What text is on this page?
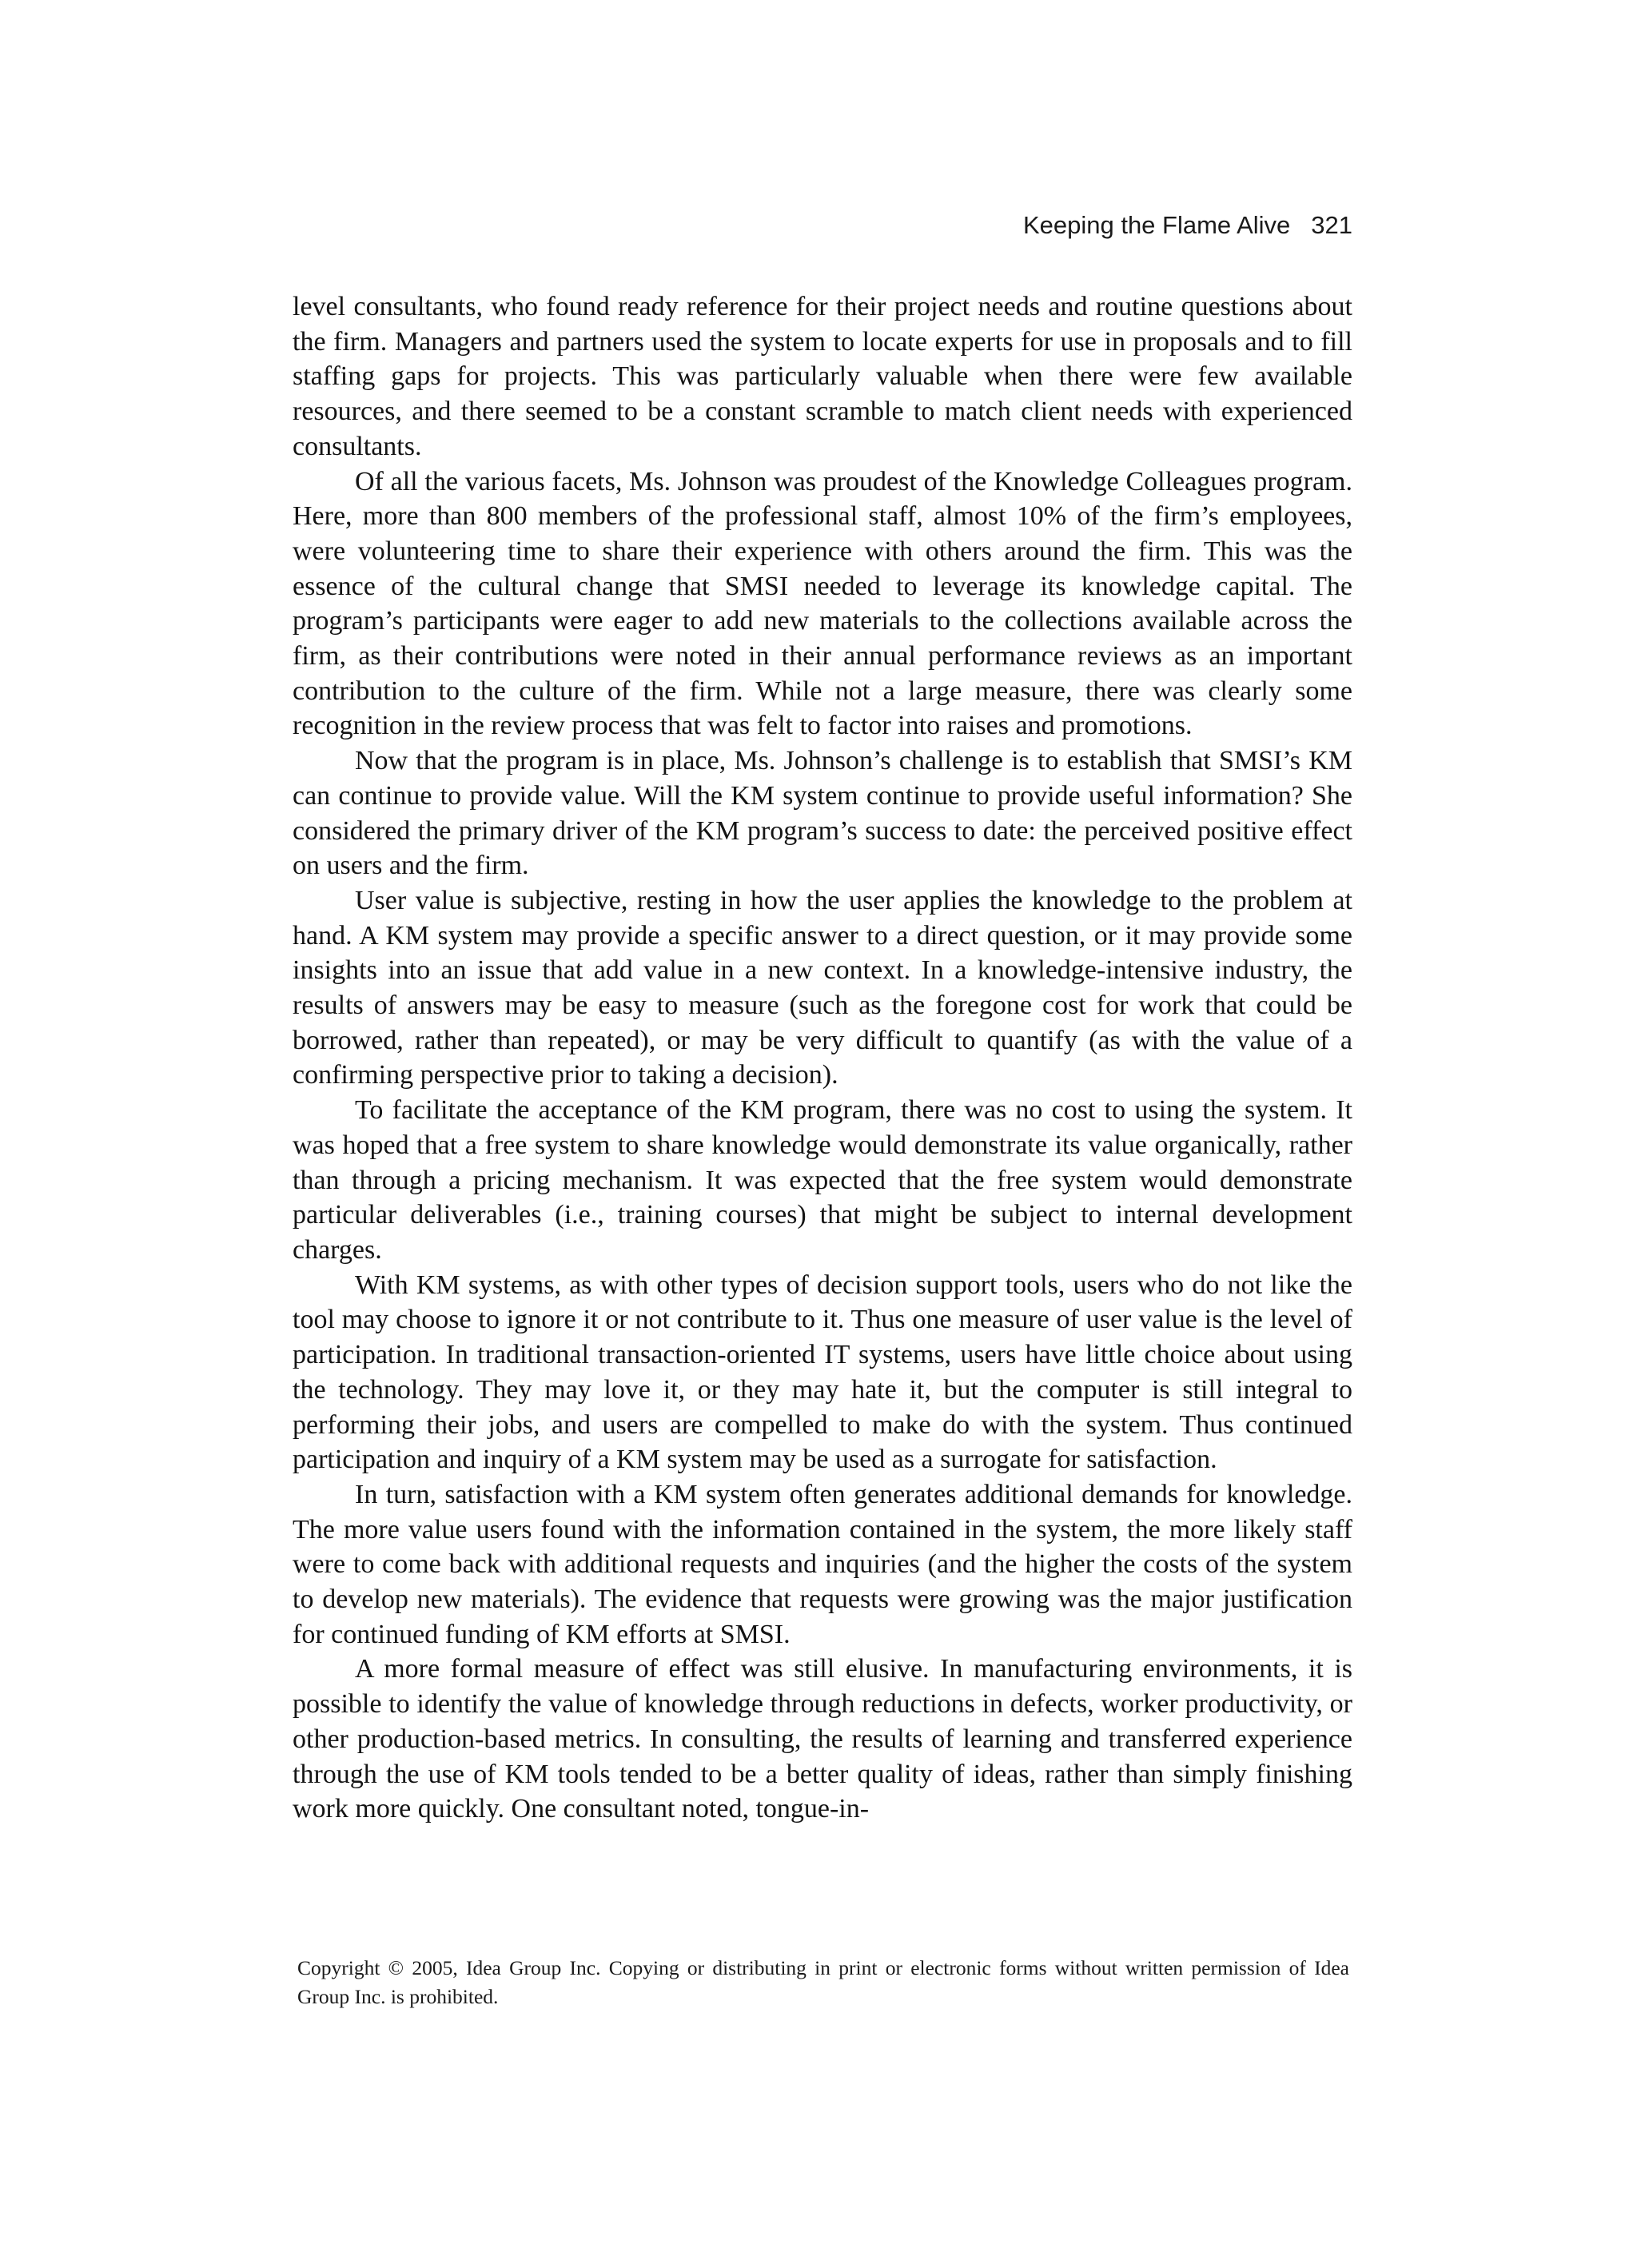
Keeping the Flame Alive 321

level consultants, who found ready reference for their project needs and routine questions about the firm. Managers and partners used the system to locate experts for use in proposals and to fill staffing gaps for projects. This was particularly valuable when there were few available resources, and there seemed to be a constant scramble to match client needs with experienced consultants.

Of all the various facets, Ms. Johnson was proudest of the Knowledge Colleagues program. Here, more than 800 members of the professional staff, almost 10% of the firm’s employees, were volunteering time to share their experience with others around the firm. This was the essence of the cultural change that SMSI needed to leverage its knowledge capital. The program’s participants were eager to add new materials to the collections available across the firm, as their contributions were noted in their annual performance reviews as an important contribution to the culture of the firm. While not a large measure, there was clearly some recognition in the review process that was felt to factor into raises and promotions.

Now that the program is in place, Ms. Johnson’s challenge is to establish that SMSI’s KM can continue to provide value. Will the KM system continue to provide useful information? She considered the primary driver of the KM program’s success to date: the perceived positive effect on users and the firm.

User value is subjective, resting in how the user applies the knowledge to the problem at hand. A KM system may provide a specific answer to a direct question, or it may provide some insights into an issue that add value in a new context. In a knowledge-intensive industry, the results of answers may be easy to measure (such as the foregone cost for work that could be borrowed, rather than repeated), or may be very difficult to quantify (as with the value of a confirming perspective prior to taking a decision).

To facilitate the acceptance of the KM program, there was no cost to using the system. It was hoped that a free system to share knowledge would demonstrate its value organically, rather than through a pricing mechanism. It was expected that the free system would demonstrate particular deliverables (i.e., training courses) that might be subject to internal development charges.

With KM systems, as with other types of decision support tools, users who do not like the tool may choose to ignore it or not contribute to it. Thus one measure of user value is the level of participation. In traditional transaction-oriented IT systems, users have little choice about using the technology. They may love it, or they may hate it, but the computer is still integral to performing their jobs, and users are compelled to make do with the system. Thus continued participation and inquiry of a KM system may be used as a surrogate for satisfaction.

In turn, satisfaction with a KM system often generates additional demands for knowledge. The more value users found with the information contained in the system, the more likely staff were to come back with additional requests and inquiries (and the higher the costs of the system to develop new materials). The evidence that requests were growing was the major justification for continued funding of KM efforts at SMSI.

A more formal measure of effect was still elusive. In manufacturing environments, it is possible to identify the value of knowledge through reductions in defects, worker productivity, or other production-based metrics. In consulting, the results of learning and transferred experience through the use of KM tools tended to be a better quality of ideas, rather than simply finishing work more quickly. One consultant noted, tongue-in-

Copyright © 2005, Idea Group Inc. Copying or distributing in print or electronic forms without written permission of Idea Group Inc. is prohibited.
